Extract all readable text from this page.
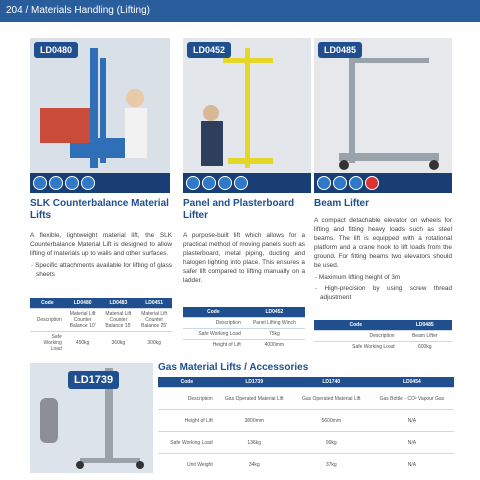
204 / Materials Handling (Lifting)
LD0480	LD0452	LD0485
SLK Counterbalance Material Lifts
Panel and Plasterboard Lifter
Beam Lifter

A flexible, lightweight material lift, the SLK Counterbalance Material Lift is designed to allow lifting of materials up to walls and other surfaces.

- Specific attachments available for lifting of glass sheets
Code	LD0480	LD0483	LD0451
Description	Material Lift Counter Balance 10'	Material Lift Counter Balance 15'	Material Lift Counter Balance 25'
Safe Working Load	450kg	360kg	300kg

A purpose-built lift which allows for a practical method of moving panels such as plasterboard, metal piping, ducting and halogen lighting into place. This ensures a safer lift compared to lifting manually on a ladder.

Code	LD0452
Description	Panel Lifting Winch
Safe Working Load	75kg
Height of Lift	4000mm

A compact detachable elevator on wheels for lifting and fitting heavy loads such as steel beams. The lift is equipped with a rotational platform and a crane hook to lift loads from the ground. For fitting beams two elevators should be used.

- Maximum lifting height of 3m
- High-precision by using screw thread adjustment
Code	LD0485
Description	Beam Lifter
Safe Working Load	600kg
LD1739
Gas Material Lifts / Accessories
Code	LD1739	LD1740	LD0454
Description	Gas Operated Material Lift	Gas Operated Material Lift	Gas Bottle - CO² Vapour Gas
Height of Lift	3800mm	5600mm	N/A
Safe Working Load	136kg	90kg	N/A
Unit Weight	34kg	37kg	N/A
